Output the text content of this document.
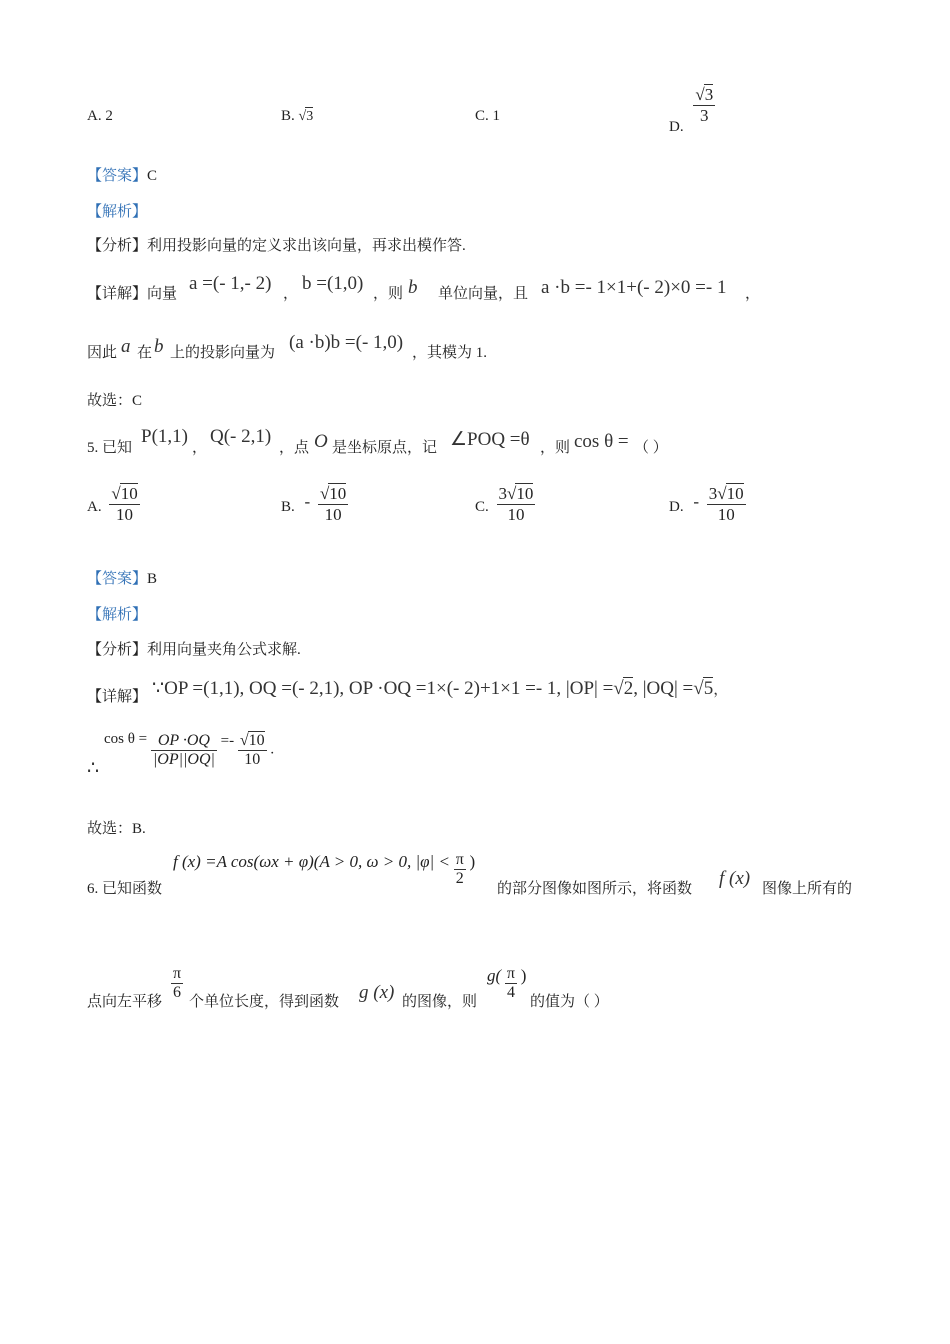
A. 2	B. √3	C. 1
D.
$\frac{√3}{3}$
【答案】C
【解析】
【分析】利用投影向量的定义求出该向量，再求出模作答.
【详解】向量 a =(- 1,- 2) ， b =(1,0) ，则 b 单位向量，且 a ·b =- 1×1+(- 2)×0 =- 1 ，
因此 a 在 b 上的投影向量为 (a ·b)b =(- 1,0) ，其模为 1.
故选：C
5. 已知
P(1,1)
，
Q(- 2,1)
，点 O 是坐标原点，记 ∠POQ =θ ，则 cos θ = （ ）
A. $\frac{√10}{10}$	B. - $\frac{√10}{10}$	C. $\frac{3√10}{10}$	D. - $\frac{3√10}{10}$
【答案】B
【解析】
【分析】利用向量夹角公式求解.
【详解】 ∵OP =(1,1), OQ =(- 2,1), OP ·OQ =1×(- 2)+1×1 =- 1, |OP| =√2, |OQ| =√5，
∴
$\cos \theta = \frac{OP \cdot OQ}{|OP||OQ|} =- \frac{√10}{10}$ .
故选：B.
6. 已知函数
f (x) =A cos(ωx + φ)(A > 0, ω > 0, $|\varphi| < \frac{\pi}{2}$ )
的部分图像如图所示，将函数 f (x) 图像上所有的
点向左平移 $\frac{\pi}{6}$ 个单位长度，得到函数 g (x) 的图像，则
$g( \frac{\pi}{4}$ )
的值为（ ）
